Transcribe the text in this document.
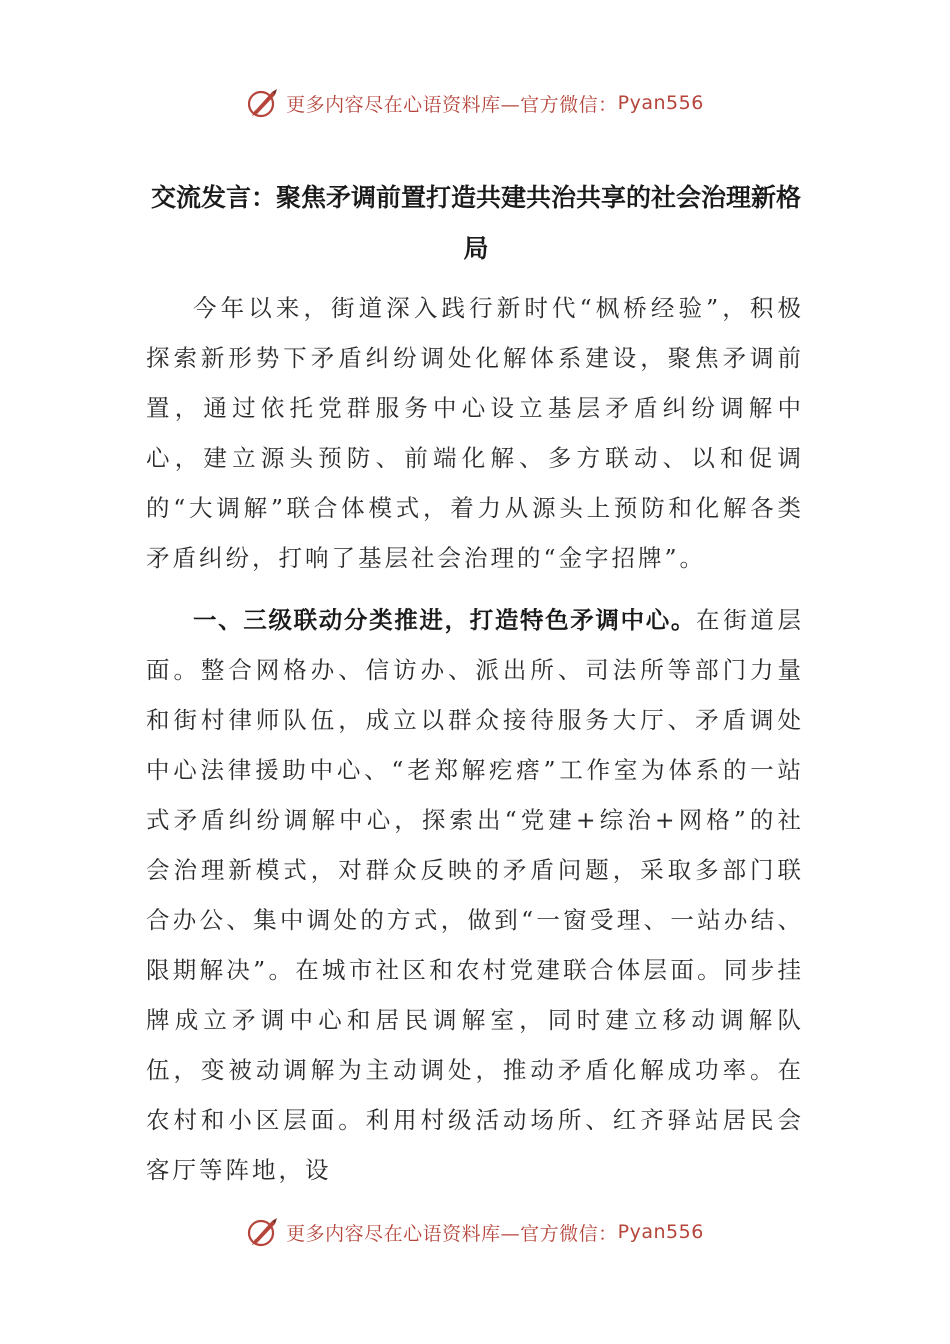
更多内容尽在心语资料库—官方微信： Pyan556
交流发言：聚焦矛调前置打造共建共治共享的社会治理新格局

今年以来，街道深入践行新时代“枫桥经验”，积极探索新形势下矛盾纠纷调处化解体系建设，聚焦矛调前置，通过依托党群服务中心设立基层矛盾纠纷调解中心，建立源头预防、前端化解、多方联动、以和促调的“大调解”联合体模式，着力从源头上预防和化解各类矛盾纠纷，打响了基层社会治理的“金字招牌”。

一、三级联动分类推进，打造特色矛调中心。在街道层面。整合网格办、信访办、派出所、司法所等部门力量和街村律师队伍，成立以群众接待服务大厅、矛盾调处中心法律援助中心、“老郑解疙瘩”工作室为体系的一站式矛盾纠纷调解中心，探索出“党建+综治+网格”的社会治理新模式，对群众反映的矛盾问题，采取多部门联合办公、集中调处的方式，做到“一窗受理、一站办结、限期解决”。在城市社区和农村党建联合体层面。同步挂牌成立矛调中心和居民调解室，同时建立移动调解队伍，变被动调解为主动调处，推动矛盾化解成功率。在农村和小区层面。利用村级活动场所、红齐驿站居民会客厅等阵地，设

更多内容尽在心语资料库—官方微信： Pyan556
